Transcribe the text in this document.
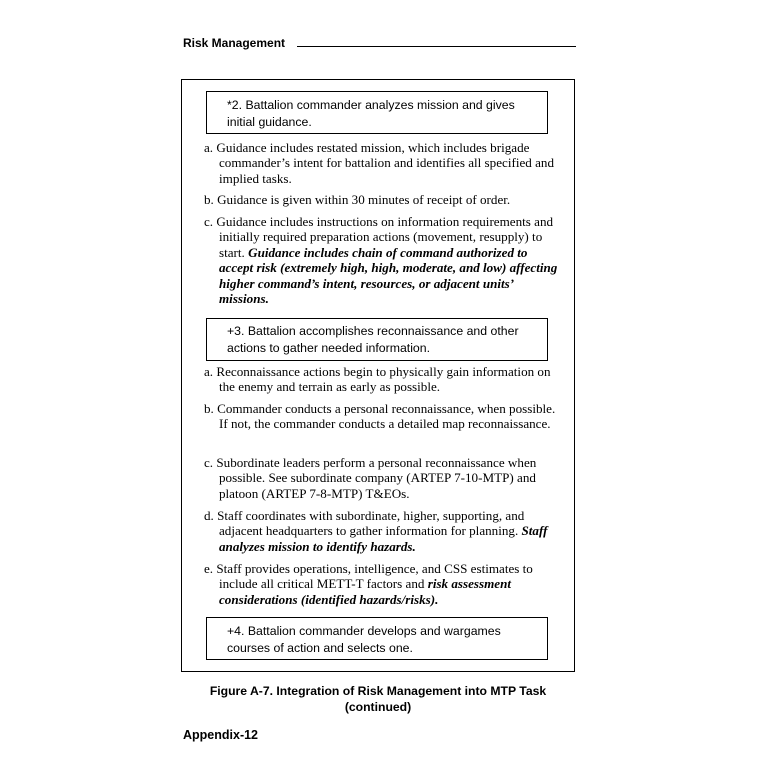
Risk Management
*2. Battalion commander analyzes mission and gives initial guidance.
a. Guidance includes restated mission, which includes brigade commander’s intent for battalion and identifies all specified and implied tasks.
b. Guidance is given within 30 minutes of receipt of order.
c. Guidance includes instructions on information requirements and initially required preparation actions (movement, resupply) to start. Guidance includes chain of command authorized to accept risk (extremely high, high, moderate, and low) affecting higher command’s intent, resources, or adjacent units’ missions.
+3. Battalion accomplishes reconnaissance and other actions to gather needed information.
a. Reconnaissance actions begin to physically gain information on the enemy and terrain as early as possible.
b. Commander conducts a personal reconnaissance, when possible. If not, the commander conducts a detailed map reconnaissance.
c. Subordinate leaders perform a personal reconnaissance when possible. See subordinate company (ARTEP 7-10-MTP) and platoon (ARTEP 7-8-MTP) T&EOs.
d. Staff coordinates with subordinate, higher, supporting, and adjacent headquarters to gather information for planning. Staff analyzes mission to identify hazards.
e. Staff provides operations, intelligence, and CSS estimates to include all critical METT-T factors and risk assessment considerations (identified hazards/risks).
+4. Battalion commander develops and wargames courses of action and selects one.
Figure A-7. Integration of Risk Management into MTP Task
(continued)
Appendix-12
